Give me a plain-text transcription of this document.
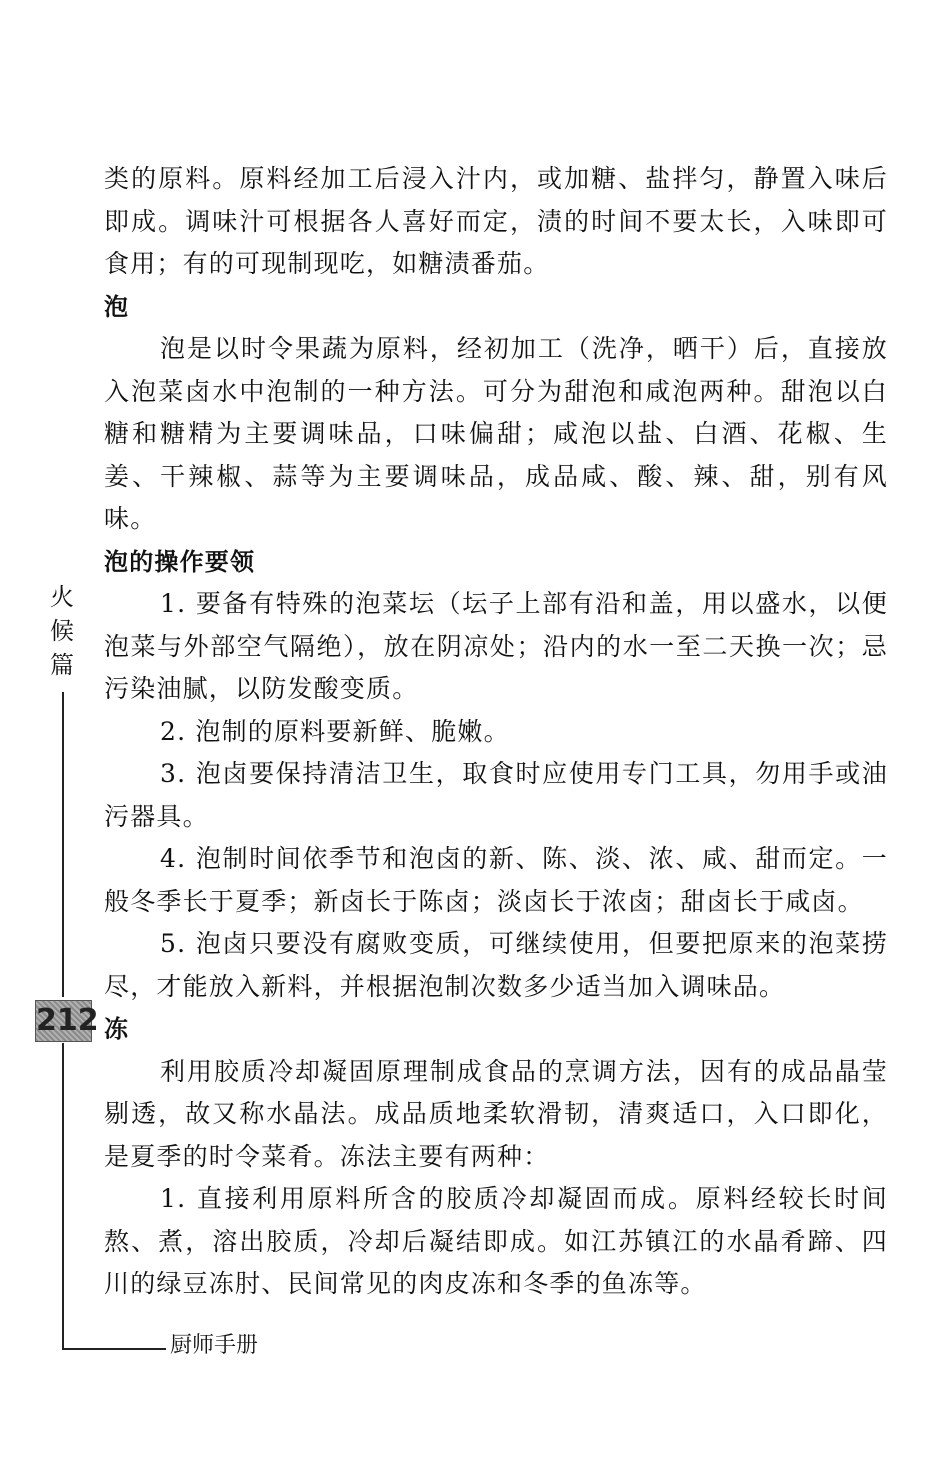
类的原料。原料经加工后浸入汁内，或加糖、盐拌匀，静置入味后即成。调味汁可根据各人喜好而定，渍的时间不要太长，入味即可食用；有的可现制现吃，如糖渍番茄。

泡

泡是以时令果蔬为原料，经初加工（洗净，晒干）后，直接放入泡菜卤水中泡制的一种方法。可分为甜泡和咸泡两种。甜泡以白糖和糖精为主要调味品，口味偏甜；咸泡以盐、白酒、花椒、生姜、干辣椒、蒜等为主要调味品，成品咸、酸、辣、甜，别有风味。

泡的操作要领

1. 要备有特殊的泡菜坛（坛子上部有沿和盖，用以盛水，以便泡菜与外部空气隔绝），放在阴凉处；沿内的水一至二天换一次；忌污染油腻，以防发酸变质。

2. 泡制的原料要新鲜、脆嫩。

3. 泡卤要保持清洁卫生，取食时应使用专门工具，勿用手或油污器具。

4. 泡制时间依季节和泡卤的新、陈、淡、浓、咸、甜而定。一般冬季长于夏季；新卤长于陈卤；淡卤长于浓卤；甜卤长于咸卤。

5. 泡卤只要没有腐败变质，可继续使用，但要把原来的泡菜捞尽，才能放入新料，并根据泡制次数多少适当加入调味品。

冻

利用胶质冷却凝固原理制成食品的烹调方法，因有的成品晶莹剔透，故又称水晶法。成品质地柔软滑韧，清爽适口，入口即化，是夏季的时令菜肴。冻法主要有两种：

1. 直接利用原料所含的胶质冷却凝固而成。原料经较长时间熬、煮，溶出胶质，冷却后凝结即成。如江苏镇江的水晶肴蹄、四川的绿豆冻肘、民间常见的肉皮冻和冬季的鱼冻等。

火
候
篇
212
厨师手册
